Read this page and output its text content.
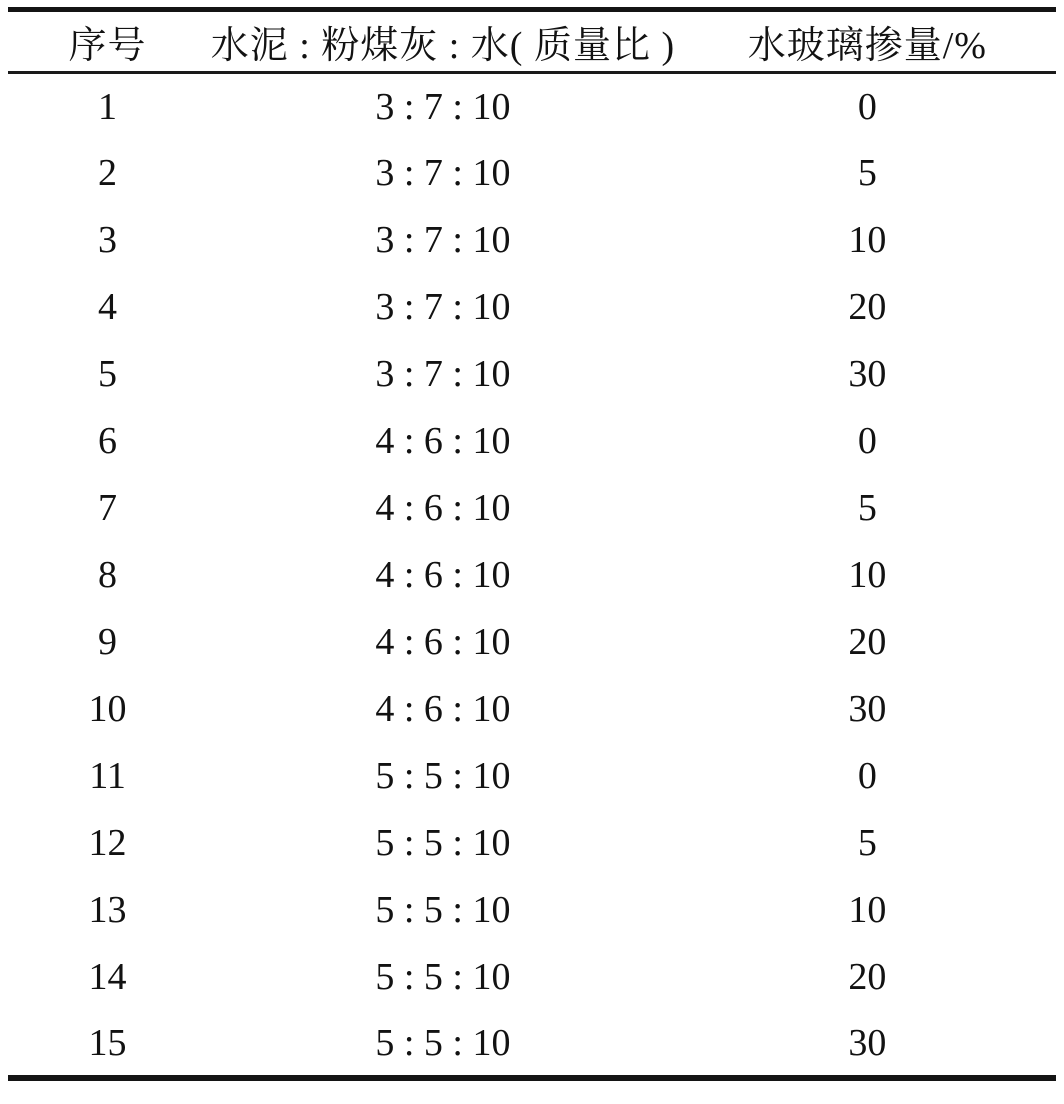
序号	水泥 : 粉煤灰 : 水( 质量比 )	水玻璃掺量/%
1	3 : 7 : 10	0
2	3 : 7 : 10	5
3	3 : 7 : 10	10
4	3 : 7 : 10	20
5	3 : 7 : 10	30
6	4 : 6 : 10	0
7	4 : 6 : 10	5
8	4 : 6 : 10	10
9	4 : 6 : 10	20
10	4 : 6 : 10	30
11	5 : 5 : 10	0
12	5 : 5 : 10	5
13	5 : 5 : 10	10
14	5 : 5 : 10	20
15	5 : 5 : 10	30
